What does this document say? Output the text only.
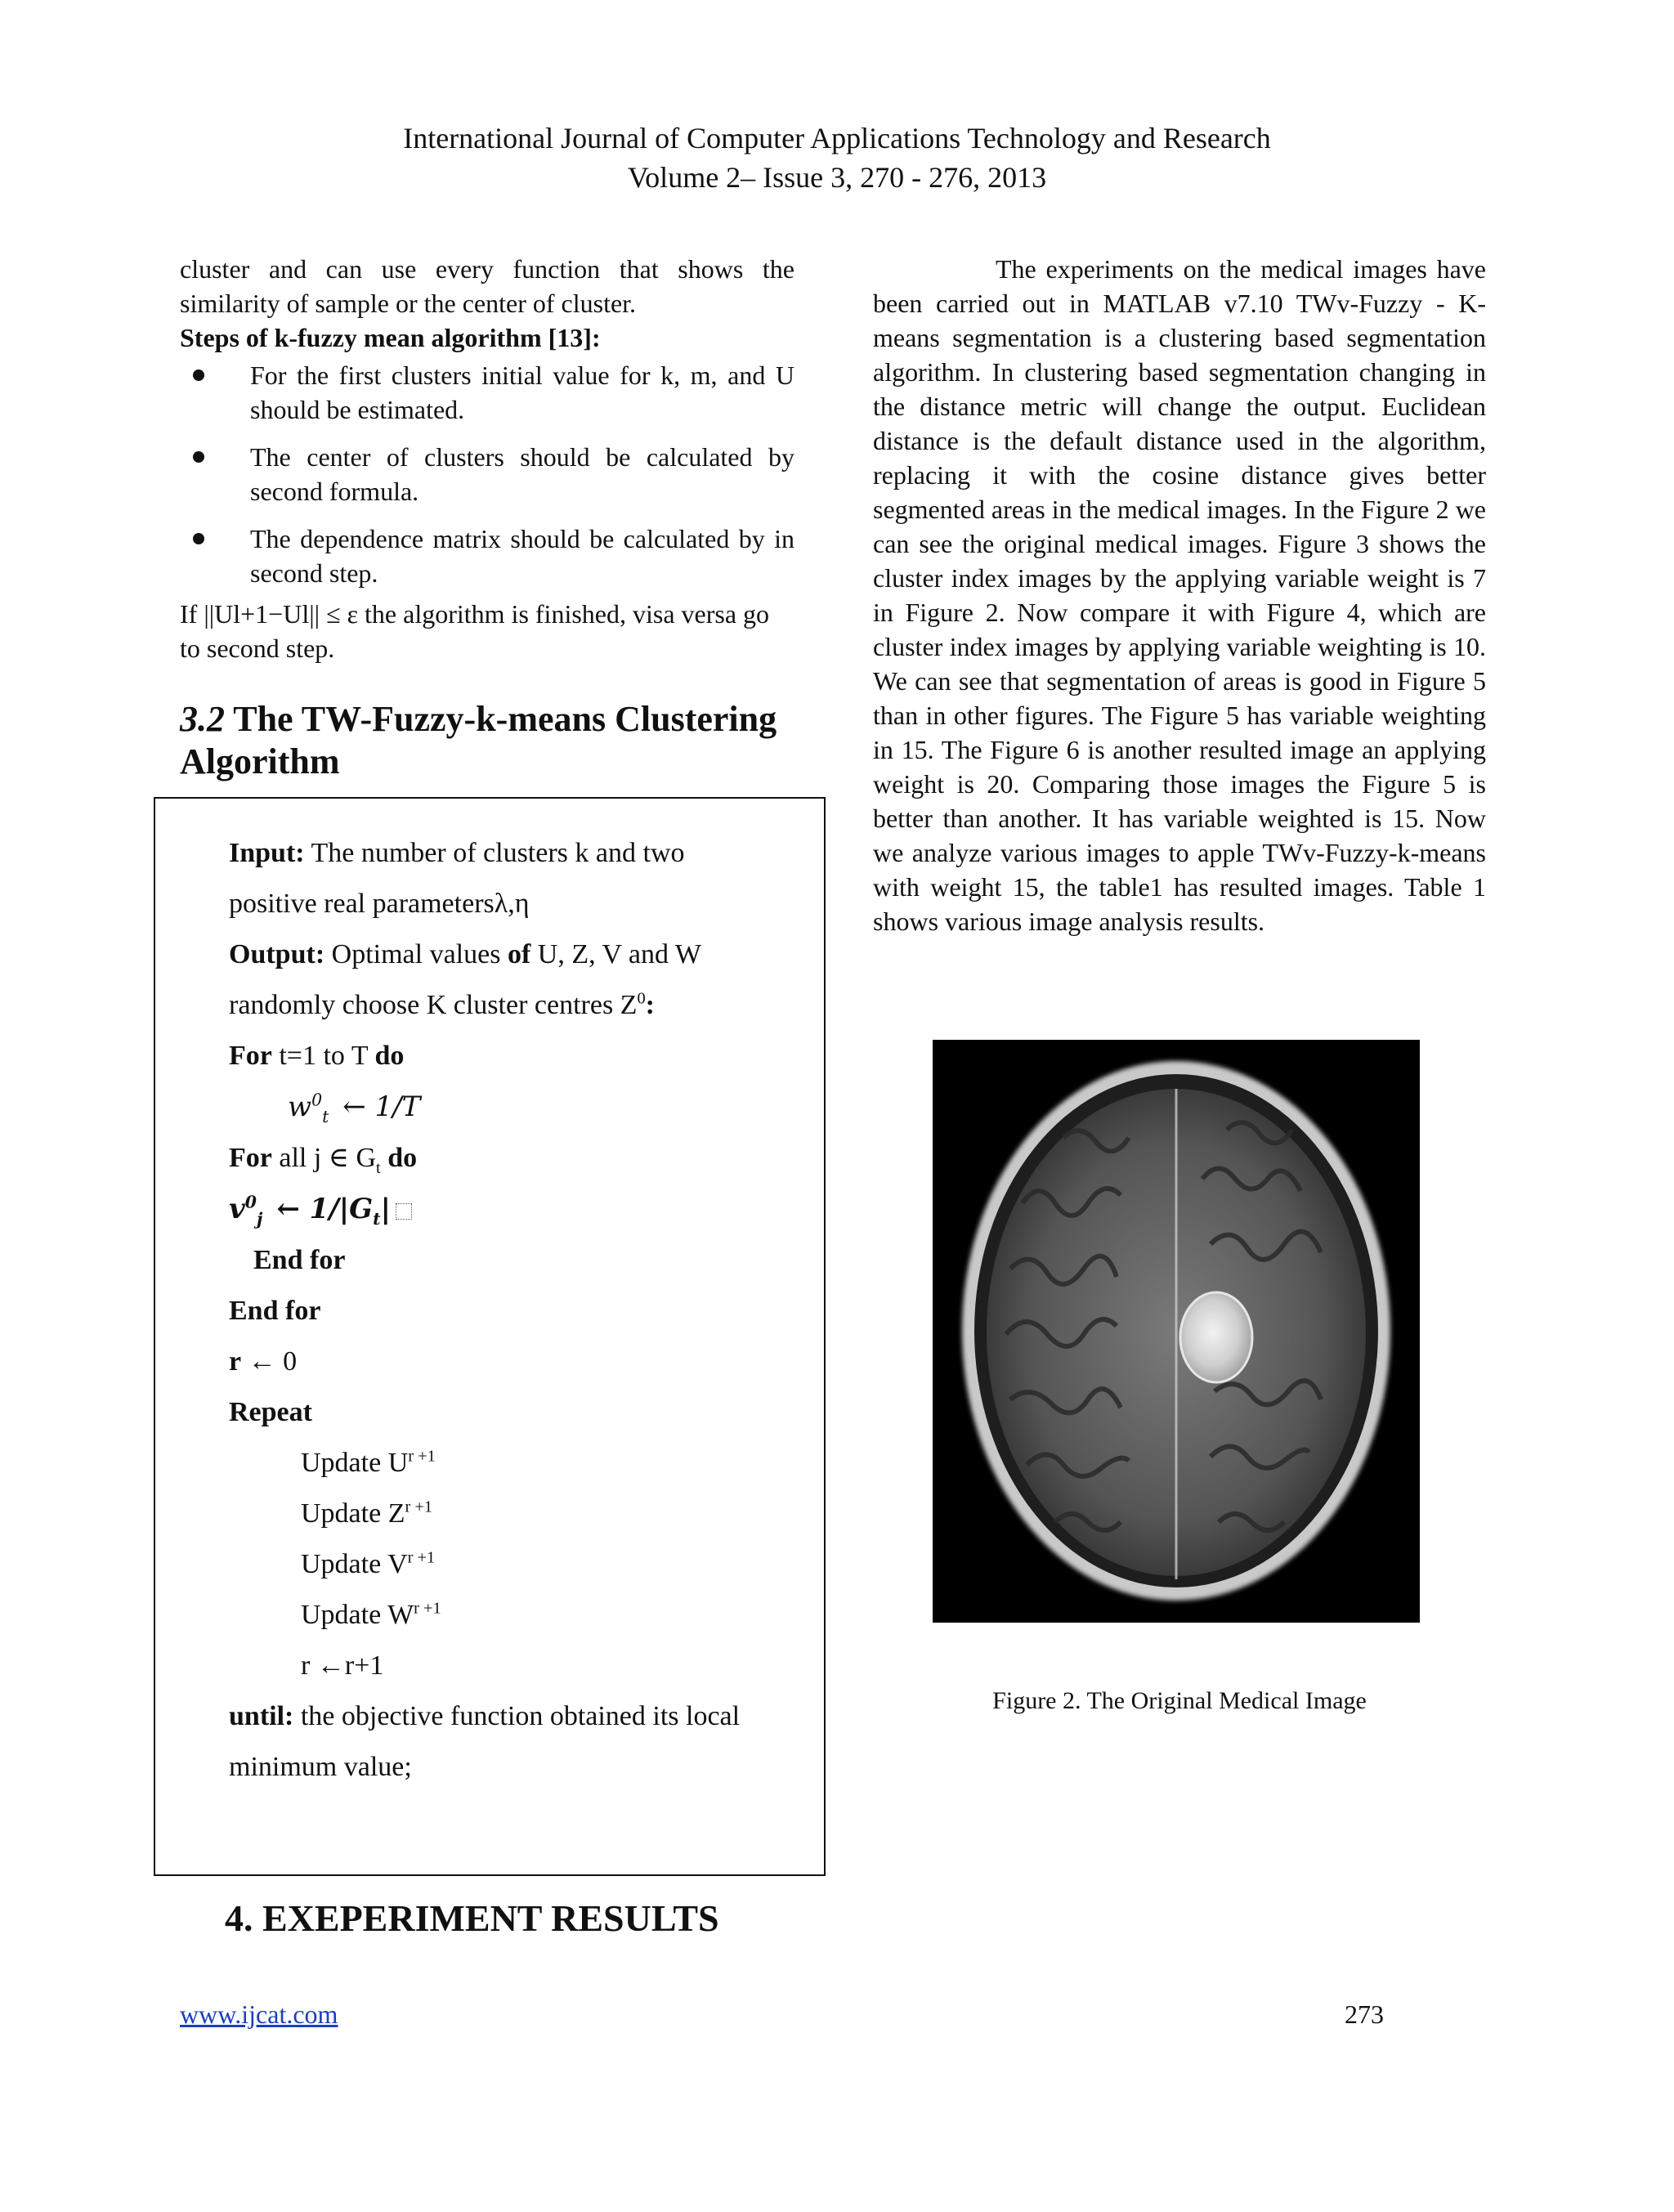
International Journal of Computer Applications Technology and Research
Volume 2– Issue 3, 270 - 276, 2013

cluster and can use every function that shows the similarity of sample or the center of cluster.

Steps of k-fuzzy mean algorithm [13]:

For the first clusters initial value for k, m, and U should be estimated.
The center of clusters should be calculated by second formula.
The dependence matrix should be calculated by in second step.

If ||Ul+1−Ul|| ≤ ε the algorithm is finished, visa versa go to second step.

3.2 The TW-Fuzzy-k-means Clustering Algorithm
Input: The number of clusters k and two
positive real parametersλ,η
Output: Optimal values of U, Z, V and W
randomly choose K cluster centres $Z^0$:
For t=1 to T do
$w^0_t$ ← 1/T
For all j ∈ $G_t$ do
$v^0_j$ ← $1/|G_t|$
End for
End for
r ← 0
Repeat
Update $U^{r +1}$
Update $Z^{r +1}$
Update $V^{r +1}$
Update $W^{r +1}$
r ←r+1
until: the objective function obtained its local
minimum value;
4. EXEPERIMENT RESULTS

The experiments on the medical images have been carried out in MATLAB v7.10 TWv-Fuzzy - K-means segmentation is a clustering based segmentation algorithm. In clustering based segmentation changing in the distance metric will change the output. Euclidean distance is the default distance used in the algorithm, replacing it with the cosine distance gives better segmented areas in the medical images. In the Figure 2 we can see the original medical images. Figure 3 shows the cluster index images by the applying variable weight is 7 in Figure 2. Now compare it with Figure 4, which are cluster index images by applying variable weighting is 10. We can see that segmentation of areas is good in Figure 5 than in other figures. The Figure 5 has variable weighting in 15. The Figure 6 is another resulted image an applying weight is 20. Comparing those images the Figure 5 is better than another. It has variable weighted is 15. Now we analyze various images to apple TWv-Fuzzy-k-means with weight 15, the table1 has resulted images. Table 1 shows various image analysis results.

Figure 2. The Original Medical Image
www.ijcat.com	273
